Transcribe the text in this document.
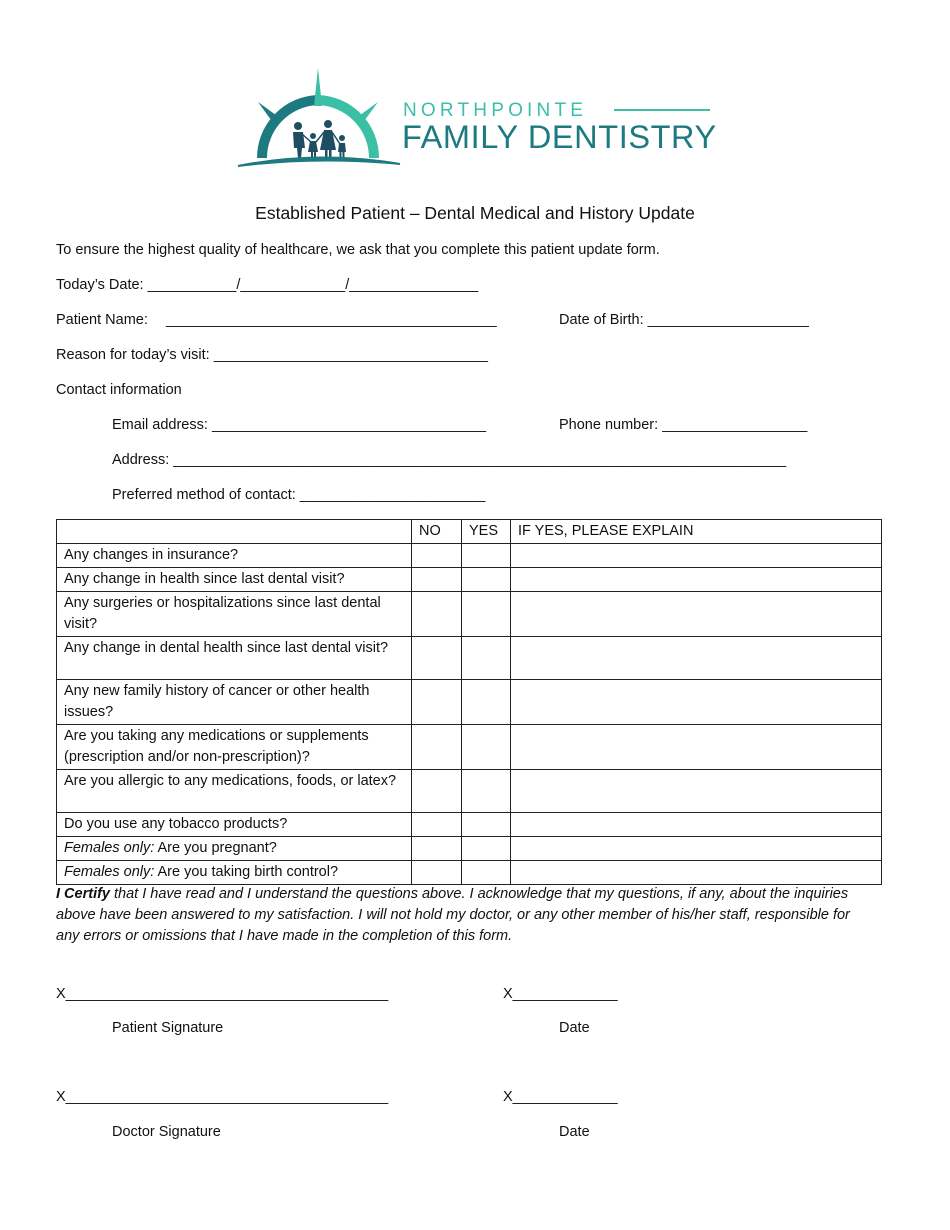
NORTHPOINTE
FAMILY DENTISTRY
Established Patient – Dental Medical and History Update
To ensure the highest quality of healthcare, we ask that you complete this patient update form.
Today’s Date: ___________/_____________/________________
Patient Name: _________________________________________	Date of Birth: ____________________
Reason for today’s visit: __________________________________
Contact information
Email address: __________________________________	Phone number: __________________
Address: ____________________________________________________________________________
Preferred method of contact: _______________________
	NO	YES	IF YES, PLEASE EXPLAIN
Any changes in insurance?			
Any change in health since last dental visit?			
Any surgeries or hospitalizations since last dental visit?			
Any change in dental health since last dental visit?			
Any new family history of cancer or other health issues?			
Are you taking any medications or supplements (prescription and/or non-prescription)?			
Are you allergic to any medications, foods, or latex?			
Do you use any tobacco products?			
Females only: Are you pregnant?			
Females only: Are you taking birth control?			
I Certify that I have read and I understand the questions above. I acknowledge that my questions, if any, about the inquiries above have been answered to my satisfaction. I will not hold my doctor, or any other member of his/her staff, responsible for any errors or omissions that I have made in the completion of this form.
X________________________________________	X_____________
Patient Signature	Date
X________________________________________	X_____________
Doctor Signature	Date
